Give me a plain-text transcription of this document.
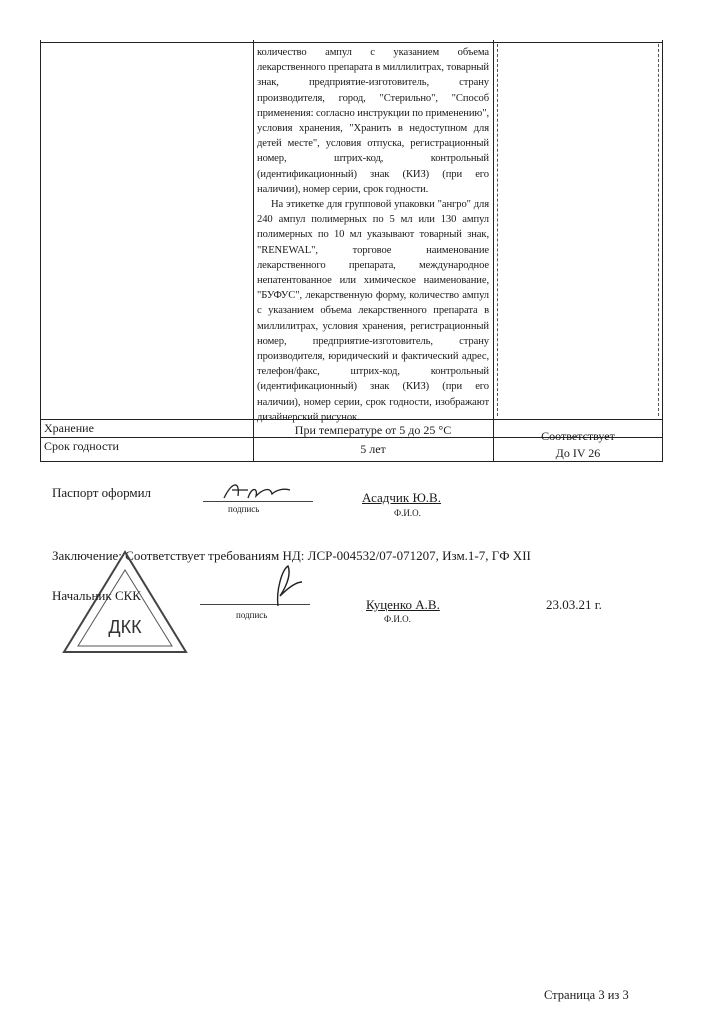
количество ампул с указанием объема лекарственного препарата в миллилитрах, товарный знак, предприятие-изготовитель, страну производителя, город, "Стерильно", "Способ применения: согласно инструкции по применению", условия хранения, "Хранить в недоступном для детей месте", условия отпуска, регистрационный номер, штрих-код, контрольный (идентификационный) знак (КИЗ) (при его наличии), номер серии, срок годности.

На этикетке для групповой упаковки "ангро" для 240 ампул полимерных по 5 мл или 130 ампул полимерных по 10 мл указывают товарный знак, "RENEWAL", торговое наименование лекарственного препарата, международное непатентованное или химическое наименование, "БУФУС", лекарственную форму, количество ампул с указанием объема лекарственного препарата в миллилитрах, условия хранения, регистрационный номер, предприятие-изготовитель, страну производителя, юридический и фактический адрес, телефон/факс, штрих-код, контрольный (идентификационный) знак (КИЗ) (при его наличии), номер серии, срок годности, изображают дизайнерский рисунок.

Хранение	При температуре от 5 до 25 °С	Соответствует
Срок годности	5 лет	До IV 26
Паспорт оформил
подпись
Асадчик Ю.В.
Ф.И.О.
Заключение: Соответствует требованиям НД: ЛСР-004532/07-071207, Изм.1-7, ГФ XII
ДКК
Начальник СКК
подпись
Куценко А.В.
Ф.И.О.
23.03.21 г.
Страница 3 из 3
